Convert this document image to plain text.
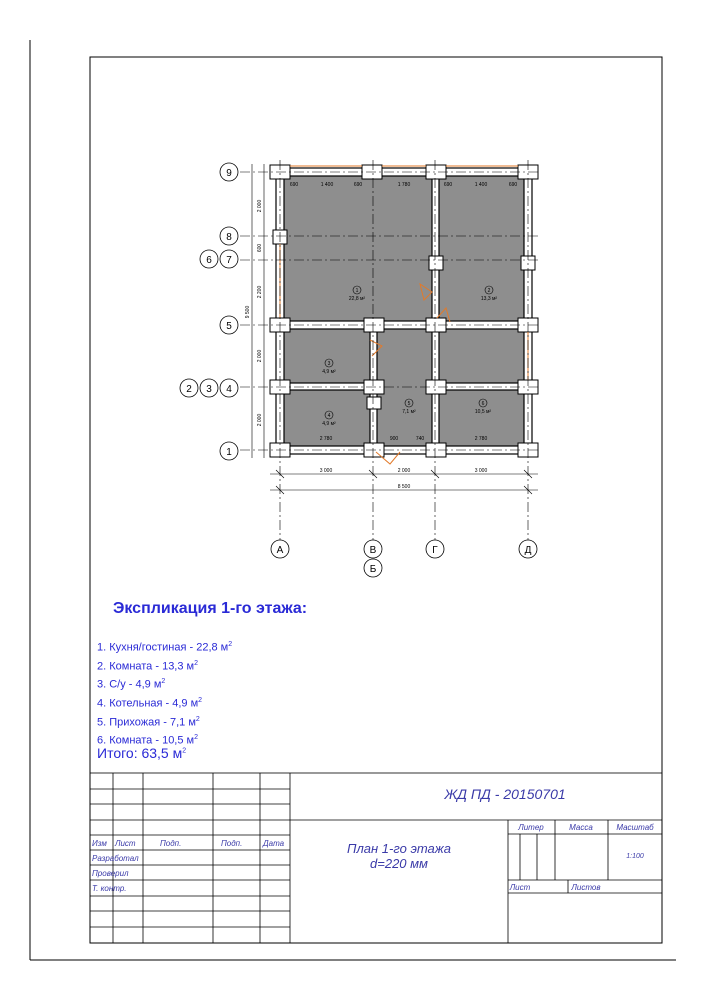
9
8
6 7
5
2 3 4
1
А	В
Б
Г	Д
1
22,8 м²
2
13,3 м²
3
4,9 м²
4
4,9 м²
5
7,1 м²
6
10,5 м²
3 000	2 000	3 000
8 500
690	1 400	690	1 780	690	1 400	690
2 780	900	740	2 780
2 000
600
2 200
2 000
2 000
9 500
ЖД ПД - 20150701
План 1-го этажа
d=220 мм
Изм Лист	Подп.	Подп.	Дата
Разработал
Проверил
Т. контр.
Литер	Масса	Масштаб
1:100
Лист	Листов
Экспликация 1-го этажа:
1. Кухня/гостиная - 22,8 $м^2$
2. Комната - 13,3 $м^2$
3. С/у - 4,9 $м^2$
4. Котельная - 4,9 $м^2$
5. Прихожая - 7,1 $м^2$
6. Комната - 10,5 $м^2$
Итого: 63,5 $м^2$
